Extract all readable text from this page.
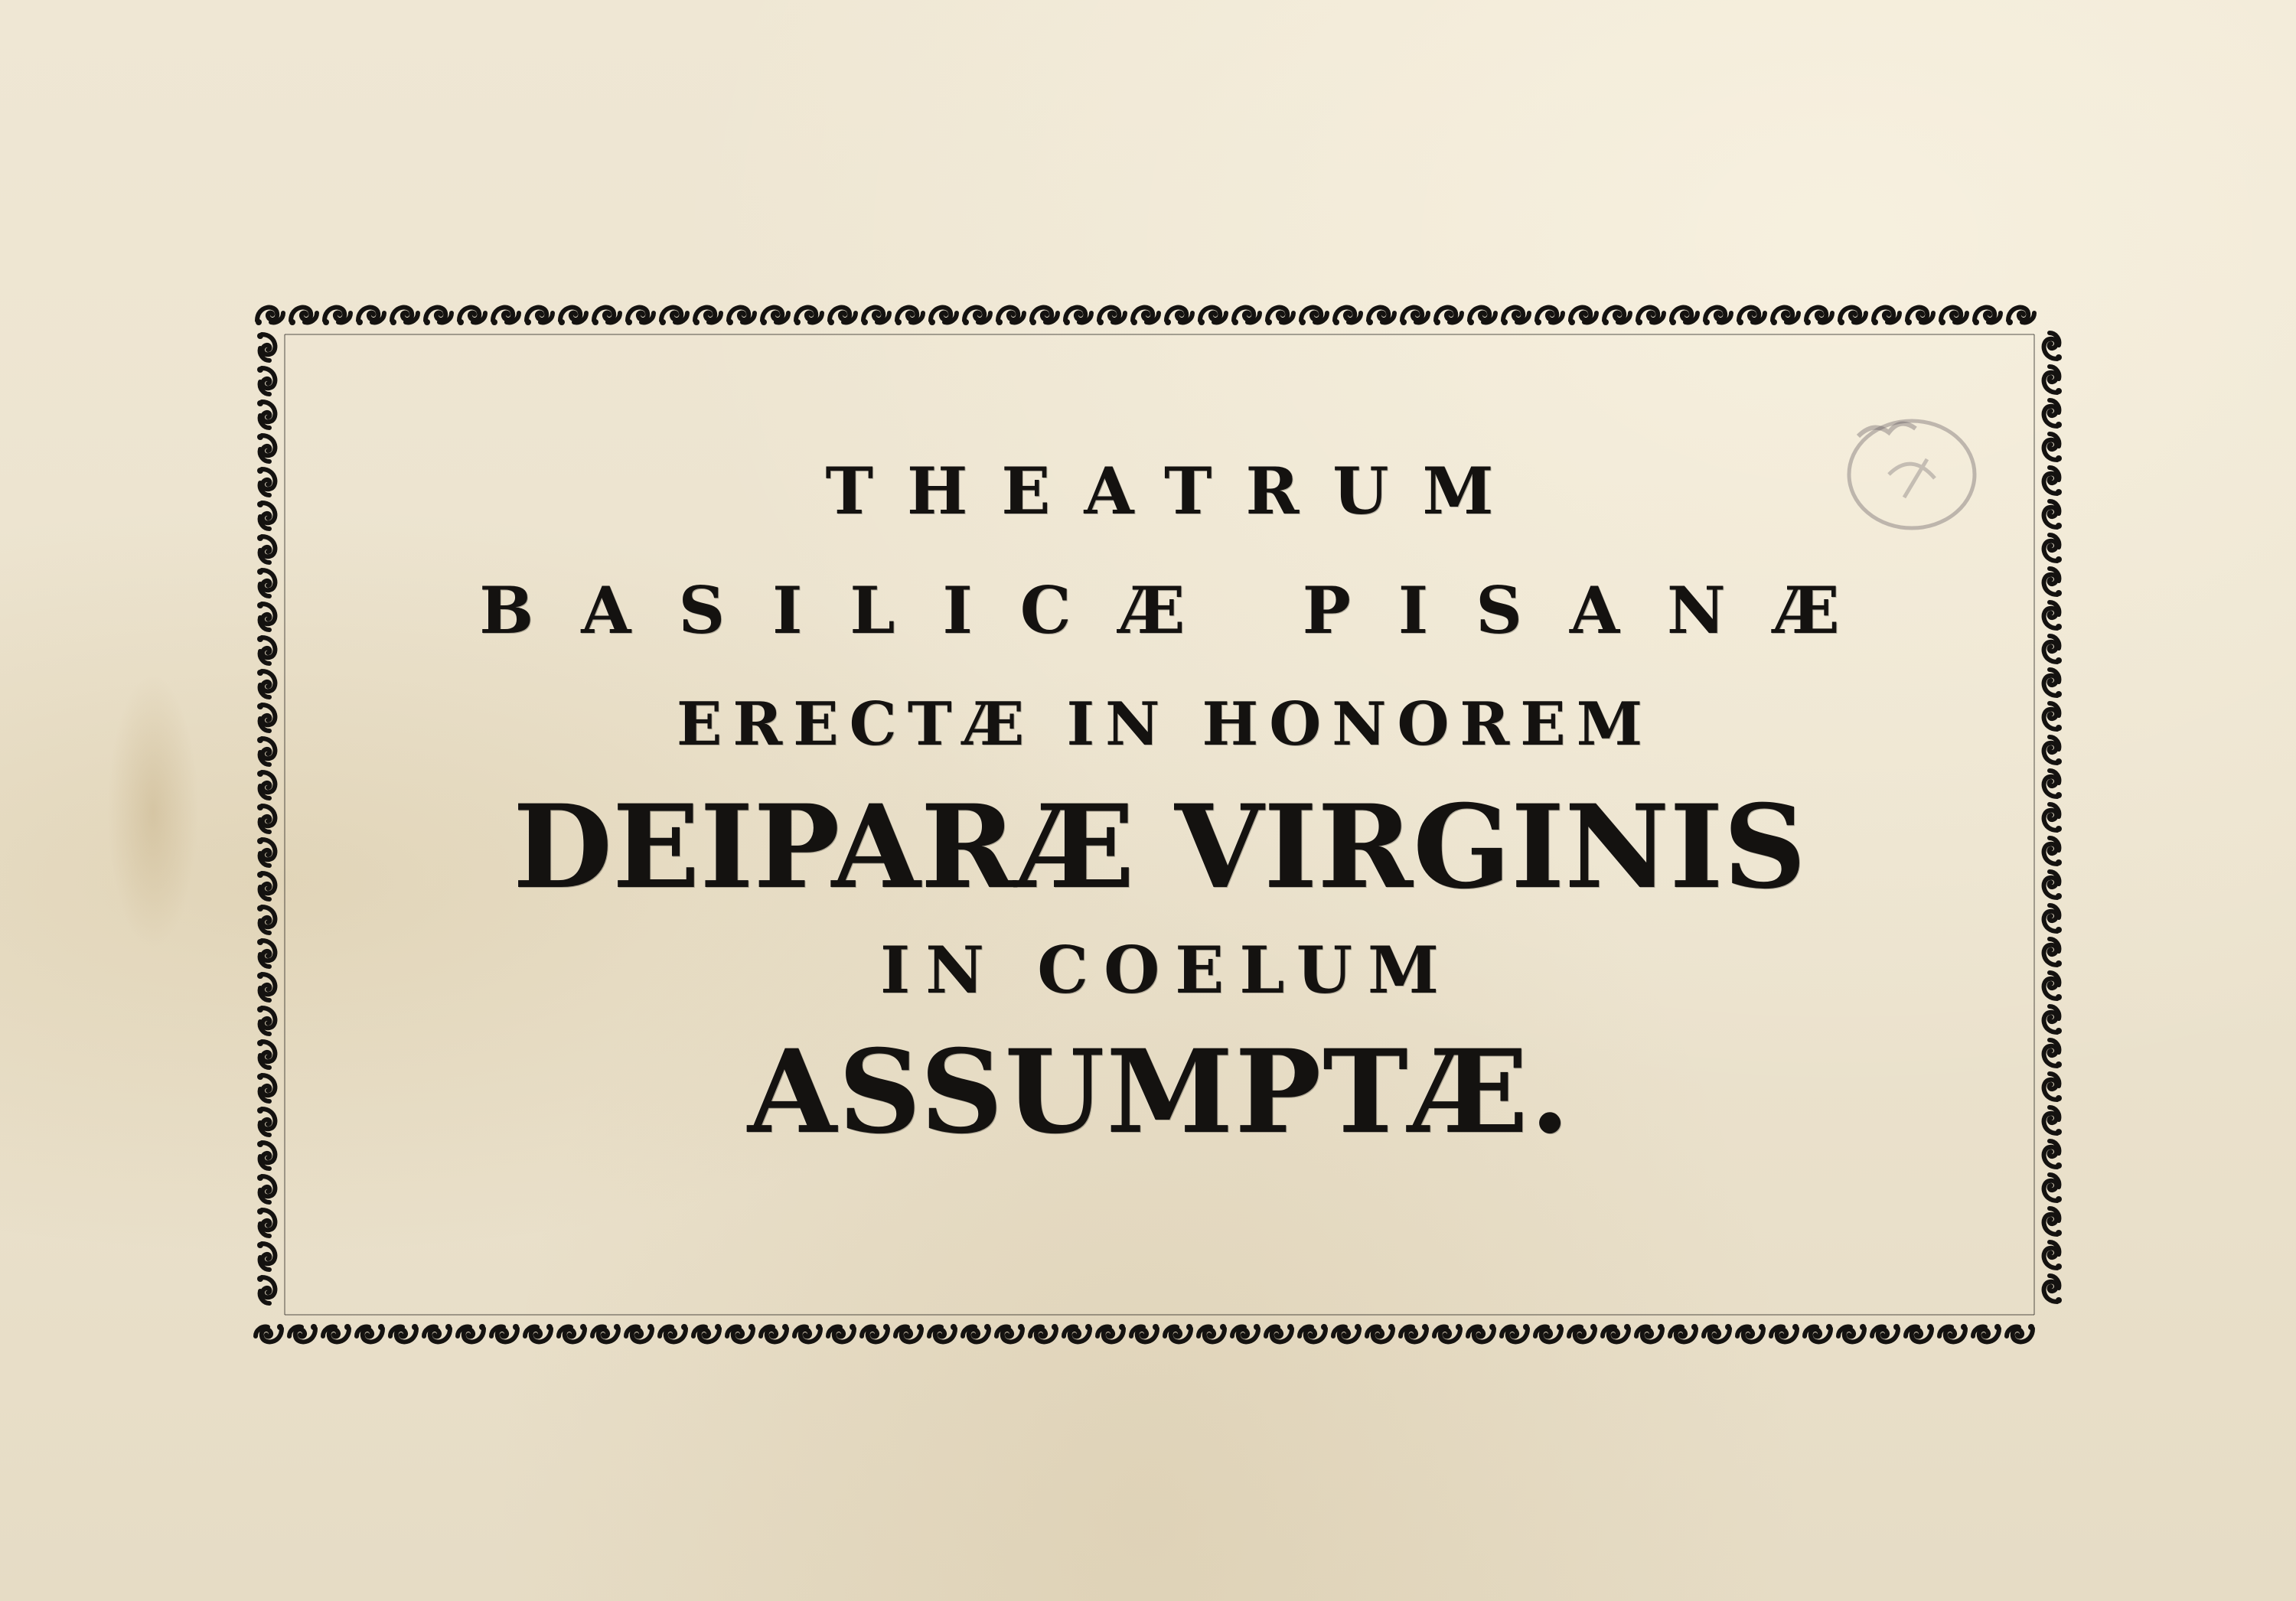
THEATRUM
BASILICÆ PISANÆ
ERECTÆ IN HONOREM
DEIPARÆ VIRGINIS
IN COELUM
ASSUMPTÆ.
